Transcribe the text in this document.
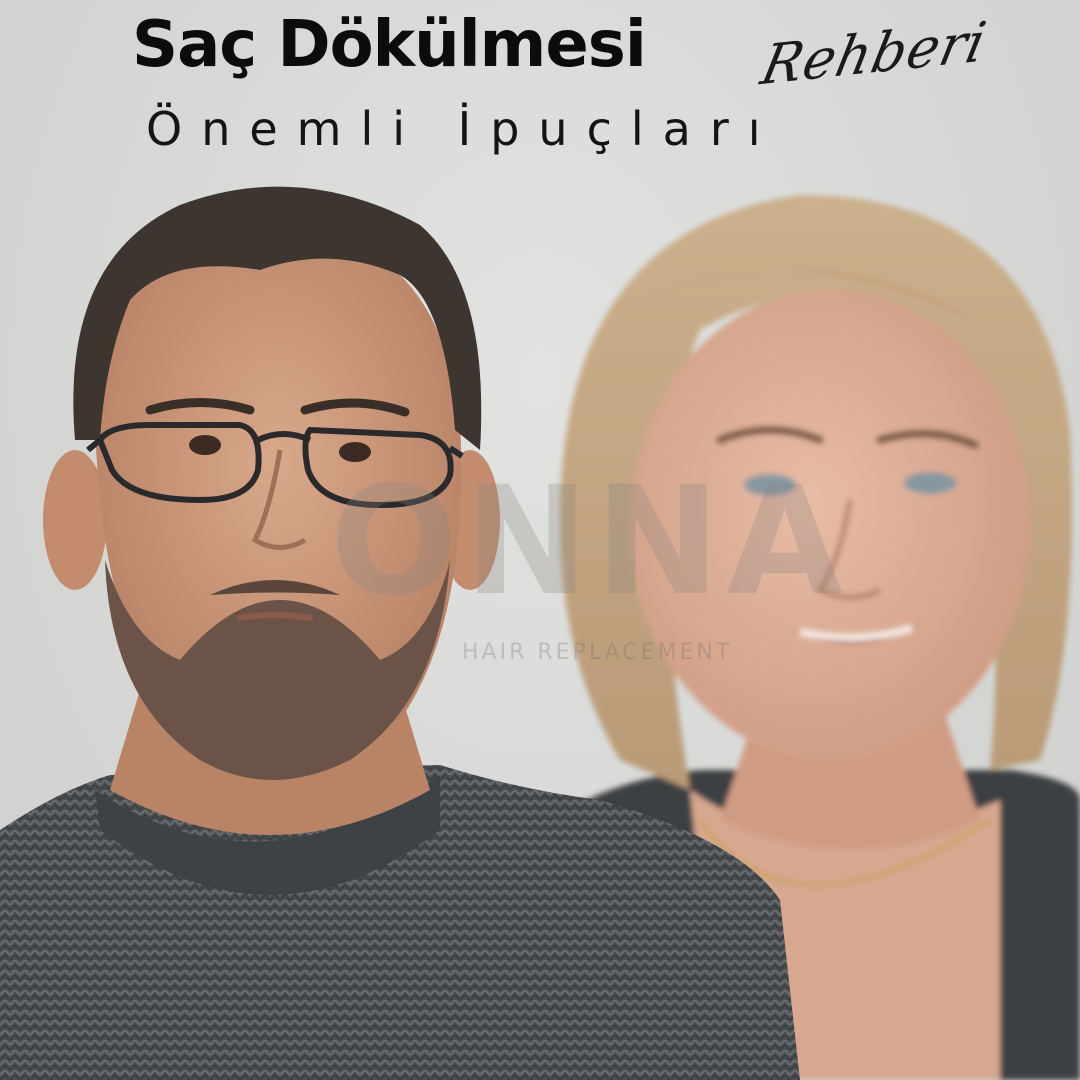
ONNA
HAIR REPLACEMENT
Saç Dökülmesi Rehberi
Önemli İpuçları
